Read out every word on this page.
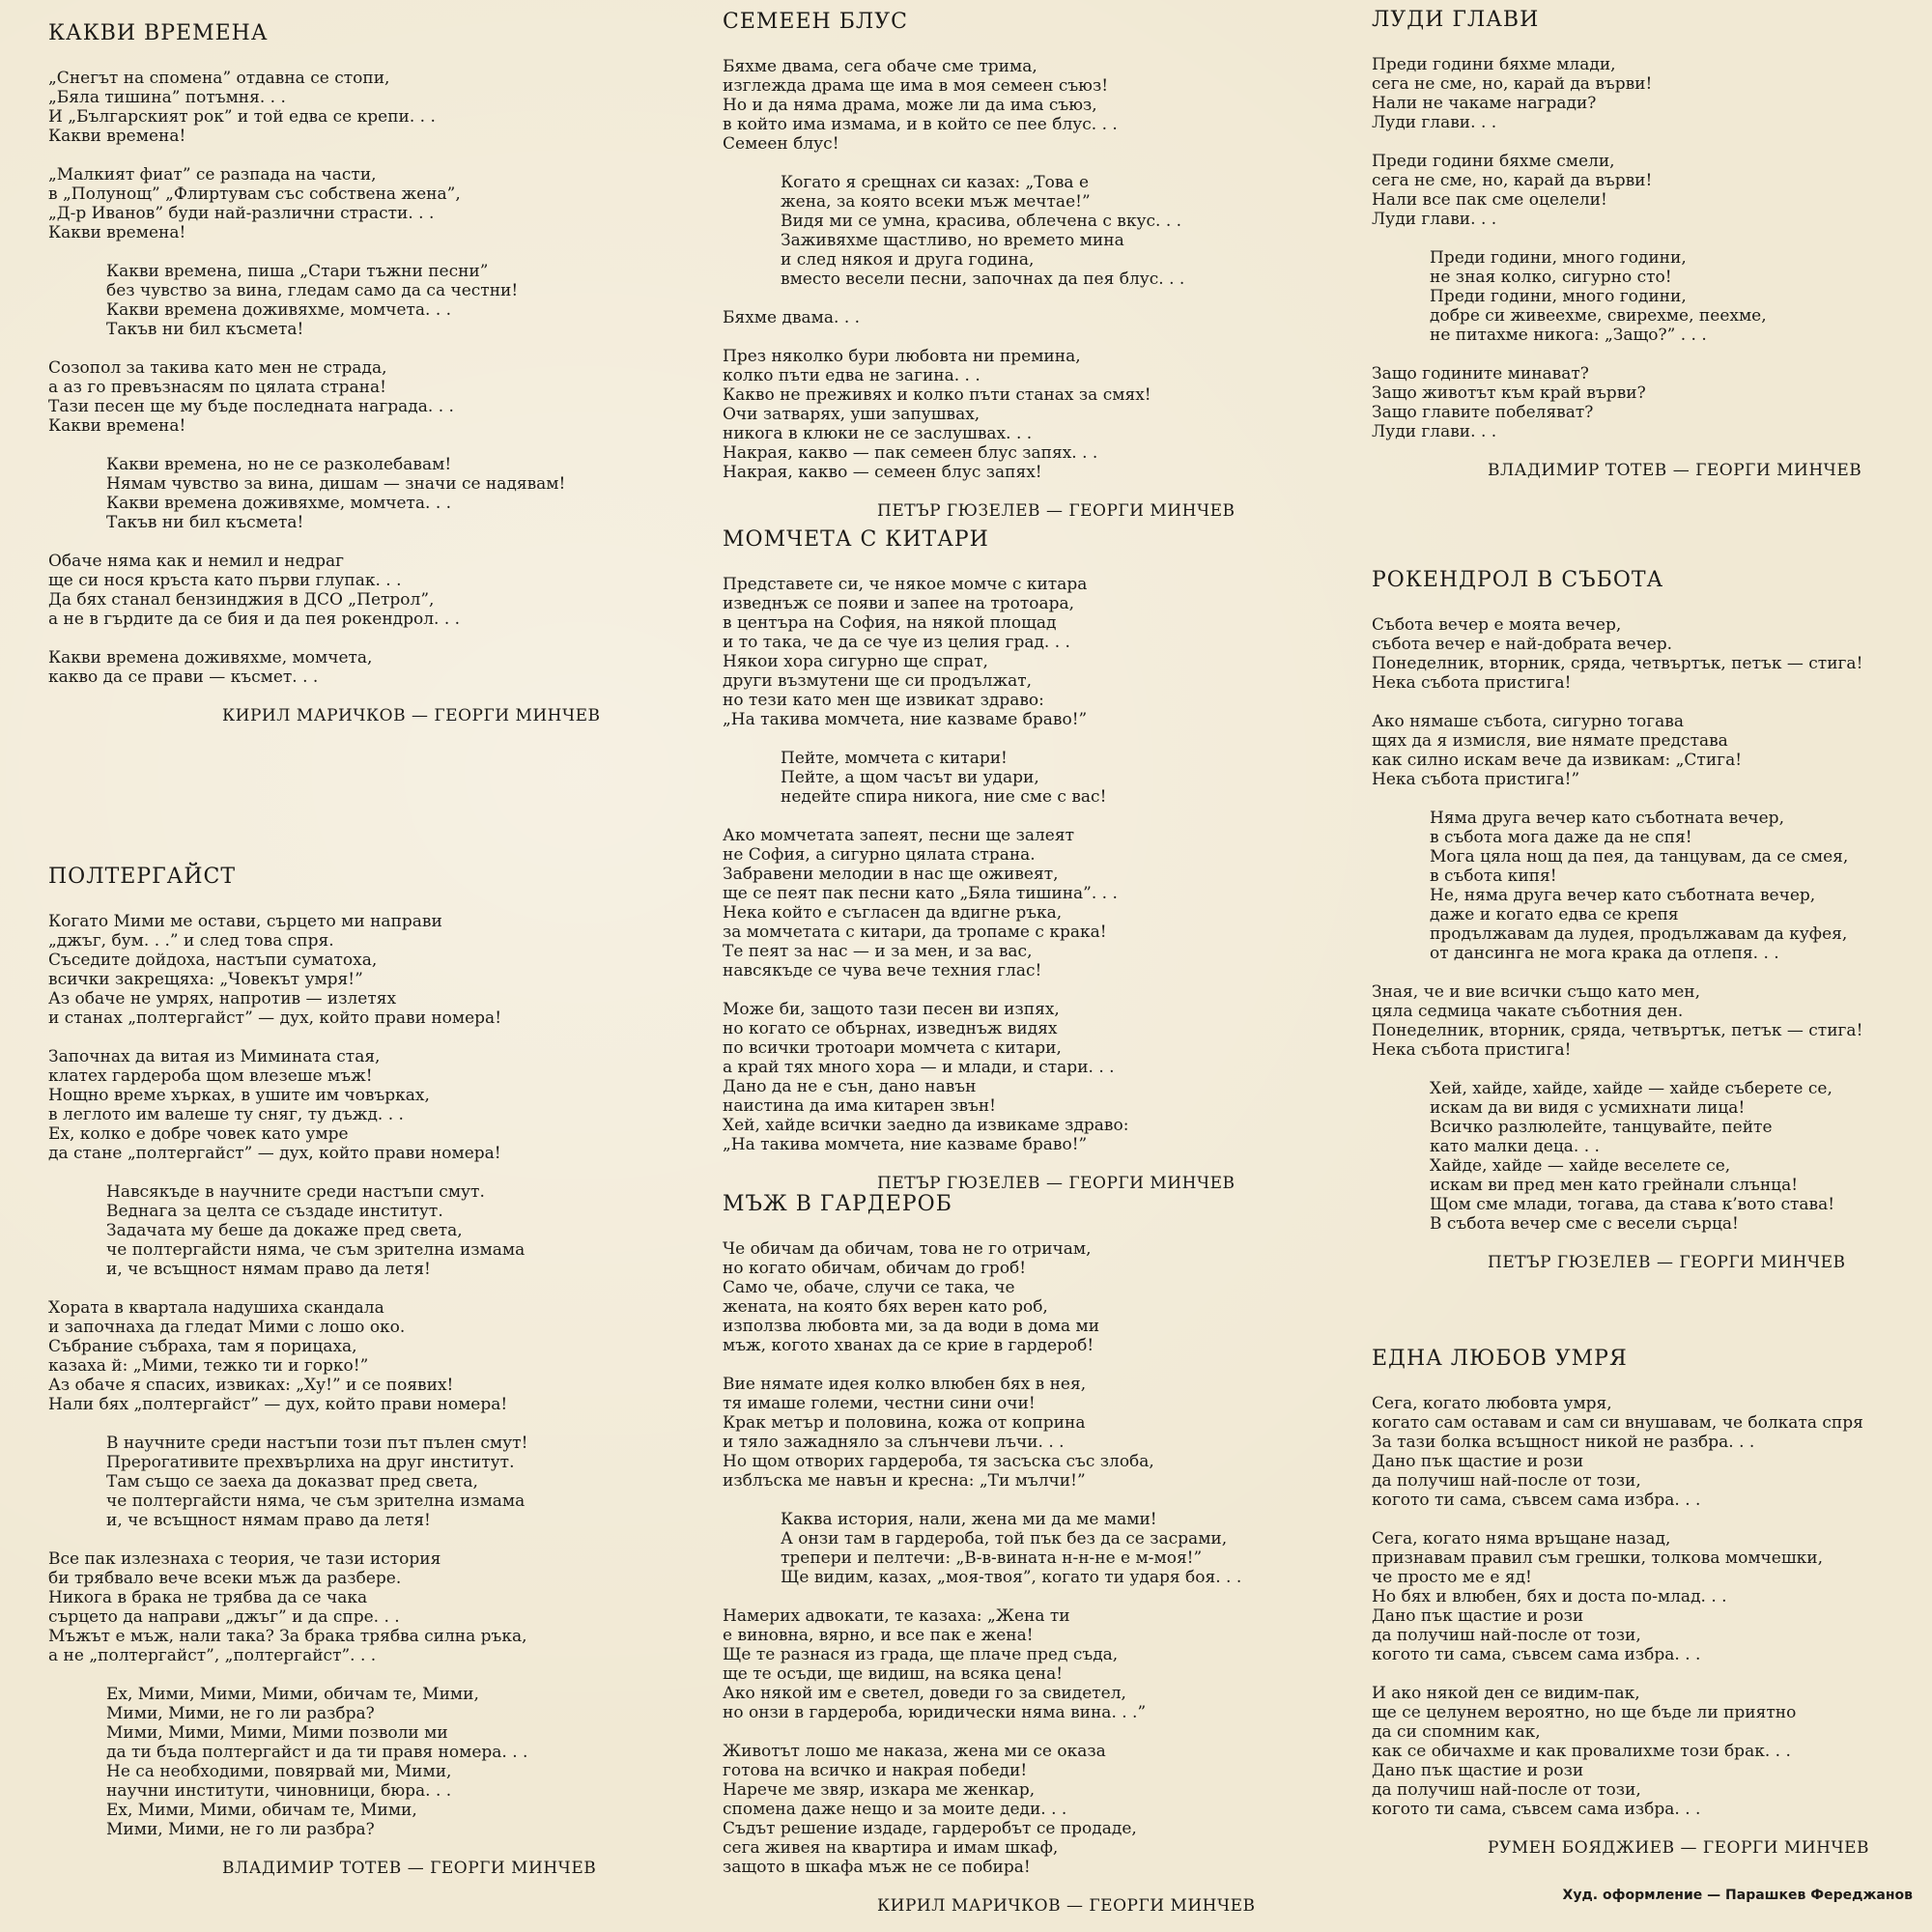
КАКВИ ВРЕМЕНА
„Снегът на спомена” отдавна се стопи,
„Бяла тишина” потъмня. . .
И „Българският рок” и той едва се крепи. . .
Какви времена!
„Малкият фиат” се разпада на части,
в „Полунощ” „Флиртувам със собствена жена”,
„Д-р Иванов” буди най-различни страсти. . .
Какви времена!
Какви времена, пиша „Стари тъжни песни”
без чувство за вина, гледам само да са честни!
Какви времена доживяхме, момчета. . .
Такъв ни бил късмета!
Созопол за такива като мен не страда,
а аз го превъзнасям по цялата страна!
Тази песен ще му бъде последната награда. . .
Какви времена!
Какви времена, но не се разколебавам!
Нямам чувство за вина, дишам — значи се надявам!
Какви времена доживяхме, момчета. . .
Такъв ни бил късмета!
Обаче няма как и немил и недраг
ще си нося кръста като първи глупак. . .
Да бях станал бензинджия в ДСО „Петрол”,
а не в гърдите да се бия и да пея рокендрол. . .
Какви времена доживяхме, момчета,
какво да се прави — късмет. . .
КИРИЛ МАРИЧКОВ — ГЕОРГИ МИНЧЕВ
ПОЛТЕРГАЙСТ
Когато Мими ме остави, сърцето ми направи
„джъг, бум. . .” и след това спря.
Съседите дойдоха, настъпи суматоха,
всички закрещяха: „Човекът умря!”
Аз обаче не умрях, напротив — излетях
и станах „полтергайст” — дух, който прави номера!
Започнах да витая из Мимината стая,
клатех гардероба щом влезеше мъж!
Нощно време хърках, в ушите им човърках,
в леглото им валеше ту сняг, ту дъжд. . .
Ех, колко е добре човек като умре
да стане „полтергайст” — дух, който прави номера!
Навсякъде в научните среди настъпи смут.
Веднага за целта се създаде институт.
Задачата му беше да докаже пред света,
че полтергайсти няма, че съм зрителна измама
и, че всъщност нямам право да летя!
Хората в квартала надушиха скандала
и започнаха да гледат Мими с лошо око.
Събрание събраха, там я порицаха,
казаха й: „Мими, тежко ти и горко!”
Аз обаче я спасих, извиках: „Ху!” и се появих!
Нали бях „полтергайст” — дух, който прави номера!
В научните среди настъпи този път пълен смут!
Прерогативите прехвърлиха на друг институт.
Там също се заеха да доказват пред света,
че полтергайсти няма, че съм зрителна измама
и, че всъщност нямам право да летя!
Все пак излезнаха с теория, че тази история
би трябвало вече всеки мъж да разбере.
Никога в брака не трябва да се чака
сърцето да направи „джъг” и да спре. . .
Мъжът е мъж, нали така? За брака трябва силна ръка,
а не „полтергайст”, „полтергайст”. . .
Ех, Мими, Мими, Мими, обичам те, Мими,
Мими, Мими, не го ли разбра?
Мими, Мими, Мими, Мими позволи ми
да ти бъда полтергайст и да ти правя номера. . .
Не са необходими, повярвай ми, Мими,
научни институти, чиновници, бюра. . .
Ех, Мими, Мими, обичам те, Мими,
Мими, Мими, не го ли разбра?
ВЛАДИМИР ТОТЕВ — ГЕОРГИ МИНЧЕВ
СЕМЕЕН БЛУС
Бяхме двама, сега обаче сме трима,
изглежда драма ще има в моя семеен съюз!
Но и да няма драма, може ли да има съюз,
в който има измама, и в който се пее блус. . .
Семеен блус!
Когато я срещнах си казах: „Това е
жена, за която всеки мъж мечтае!”
Видя ми се умна, красива, облечена с вкус. . .
Заживяхме щастливо, но времето мина
и след някоя и друга година,
вместо весели песни, започнах да пея блус. . .
Бяхме двама. . .
През няколко бури любовта ни премина,
колко пъти едва не загина. . .
Какво не преживях и колко пъти станах за смях!
Очи затварях, уши запушвах,
никога в клюки не се заслушвах. . .
Накрая, какво — пак семеен блус запях. . .
Накрая, какво — семеен блус запях!
ПЕТЪР ГЮЗЕЛЕВ — ГЕОРГИ МИНЧЕВ
МОМЧЕТА С КИТАРИ
Представете си, че някое момче с китара
изведнъж се появи и запее на тротоара,
в центъра на София, на някой площад
и то така, че да се чуе из целия град. . .
Някои хора сигурно ще спрат,
други възмутени ще си продължат,
но тези като мен ще извикат здраво:
„На такива момчета, ние казваме браво!”
Пейте, момчета с китари!
Пейте, а щом часът ви удари,
недейте спира никога, ние сме с вас!
Ако момчетата запеят, песни ще залеят
не София, а сигурно цялата страна.
Забравени мелодии в нас ще оживеят,
ще се пеят пак песни като „Бяла тишина”. . .
Нека който е съгласен да вдигне ръка,
за момчетата с китари, да тропаме с крака!
Те пеят за нас — и за мен, и за вас,
навсякъде се чува вече техния глас!
Може би, защото тази песен ви изпях,
но когато се обърнах, изведнъж видях
по всички тротоари момчета с китари,
а край тях много хора — и млади, и стари. . .
Дано да не е сън, дано навън
наистина да има китарен звън!
Хей, хайде всички заедно да извикаме здраво:
„На такива момчета, ние казваме браво!”
ПЕТЪР ГЮЗЕЛЕВ — ГЕОРГИ МИНЧЕВ
МЪЖ В ГАРДЕРОБ
Че обичам да обичам, това не го отричам,
но когато обичам, обичам до гроб!
Само че, обаче, случи се така, че
жената, на която бях верен като роб,
използва любовта ми, за да води в дома ми
мъж, когото хванах да се крие в гардероб!
Вие нямате идея колко влюбен бях в нея,
тя имаше големи, честни сини очи!
Крак метър и половина, кожа от коприна
и тяло зажадняло за слънчеви лъчи. . .
Но щом отворих гардероба, тя засъска със злоба,
изблъска ме навън и кресна: „Ти мълчи!”
Каква история, нали, жена ми да ме мами!
А онзи там в гардероба, той пък без да се засрами,
трепери и пелтечи: „В-в-вината н-н-не е м-моя!”
Ще видим, казах, „моя-твоя”, когато ти ударя боя. . .
Намерих адвокати, те казаха: „Жена ти
е виновна, вярно, и все пак е жена!
Ще те разнася из града, ще плаче пред съда,
ще те осъди, ще видиш, на всяка цена!
Ако някой им е светел, доведи го за свидетел,
но онзи в гардероба, юридически няма вина. . .”
Животът лошо ме наказа, жена ми се оказа
готова на всичко и накрая победи!
Нарече ме звяр, изкара ме женкар,
спомена даже нещо и за моите деди. . .
Съдът решение издаде, гардеробът се продаде,
сега живея на квартира и имам шкаф,
защото в шкафа мъж не се побира!
КИРИЛ МАРИЧКОВ — ГЕОРГИ МИНЧЕВ
ЛУДИ ГЛАВИ
Преди години бяхме млади,
сега не сме, но, карай да върви!
Нали не чакаме награди?
Луди глави. . .
Преди години бяхме смели,
сега не сме, но, карай да върви!
Нали все пак сме оцелели!
Луди глави. . .
Преди години, много години,
не зная колко, сигурно сто!
Преди години, много години,
добре си живеехме, свирехме, пеехме,
не питахме никога: „Защо?” . . .
Защо годините минават?
Защо животът към край върви?
Защо главите побеляват?
Луди глави. . .
ВЛАДИМИР ТОТЕВ — ГЕОРГИ МИНЧЕВ
РОКЕНДРОЛ В СЪБОТА
Събота вечер е моята вечер,
събота вечер е най-добрата вечер.
Понеделник, вторник, сряда, четвъртък, петък — стига!
Нека събота пристига!
Ако нямаше събота, сигурно тогава
щях да я измисля, вие нямате представа
как силно искам вече да извикам: „Стига!
Нека събота пристига!”
Няма друга вечер като съботната вечер,
в събота мога даже да не спя!
Мога цяла нощ да пея, да танцувам, да се смея,
в събота кипя!
Не, няма друга вечер като съботната вечер,
даже и когато едва се крепя
продължавам да лудея, продължавам да куфея,
от дансинга не мога крака да отлепя. . .
Зная, че и вие всички също като мен,
цяла седмица чакате съботния ден.
Понеделник, вторник, сряда, четвъртък, петък — стига!
Нека събота пристига!
Хей, хайде, хайде, хайде — хайде съберете се,
искам да ви видя с усмихнати лица!
Всичко разлюлейте, танцувайте, пейте
като малки деца. . .
Хайде, хайде — хайде веселете се,
искам ви пред мен като грейнали слънца!
Щом сме млади, тогава, да става к’вото става!
В събота вечер сме с весели сърца!
ПЕТЪР ГЮЗЕЛЕВ — ГЕОРГИ МИНЧЕВ
ЕДНА ЛЮБОВ УМРЯ
Сега, когато любовта умря,
когато сам оставам и сам си внушавам, че болката спря
За тази болка всъщност никой не разбра. . .
Дано пък щастие и рози
да получиш най-после от този,
когото ти сама, съвсем сама избра. . .
Сега, когато няма връщане назад,
признавам правил съм грешки, толкова момчешки,
че просто ме е яд!
Но бях и влюбен, бях и доста по-млад. . .
Дано пък щастие и рози
да получиш най-после от този,
когото ти сама, съвсем сама избра. . .
И ако някой ден се видим-пак,
ще се целунем вероятно, но ще бъде ли приятно
да си спомним как,
как се обичахме и как провалихме този брак. . .
Дано пък щастие и рози
да получиш най-после от този,
когото ти сама, съвсем сама избра. . .
РУМЕН БОЯДЖИЕВ — ГЕОРГИ МИНЧЕВ
Худ. оформление — Парашкев Фереджанов
